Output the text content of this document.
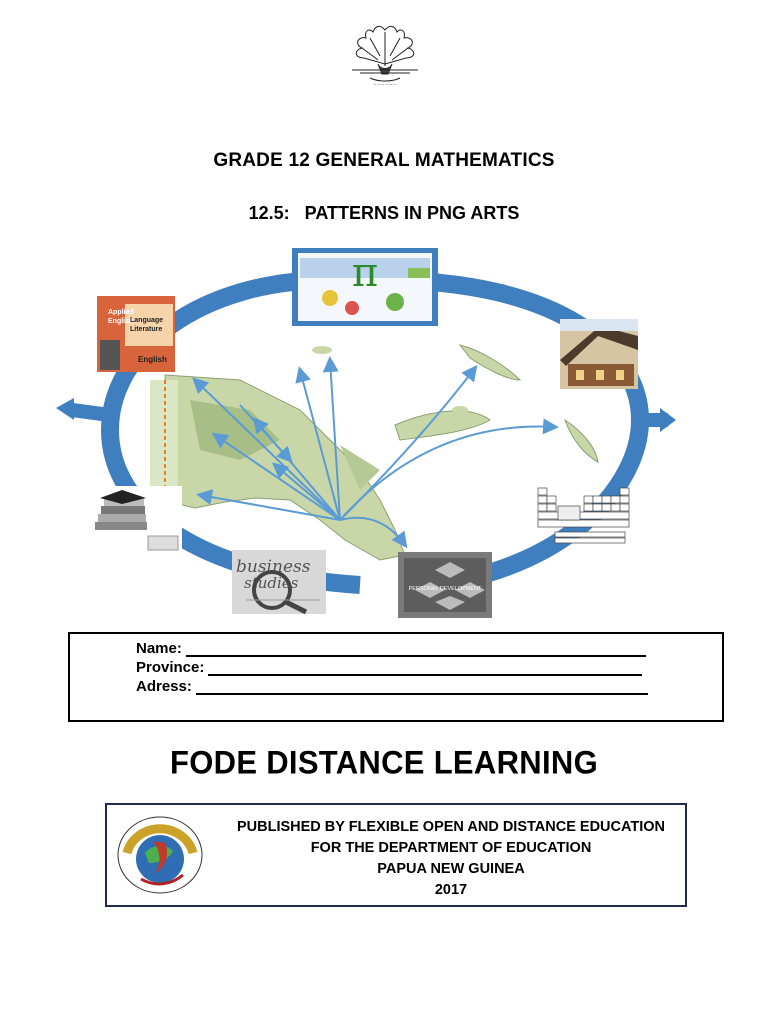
~ ~ ~ ~ ~ ~
GRADE 12 GENERAL MATHEMATICS
12.5:   PATTERNS IN PNG ARTS
π
Applied
English
Language
Literature
English
business
studies	PERSONAL DEVELOPMENT
Name:
Province:
Adress:
FODE DISTANCE LEARNING
PUBLISHED BY FLEXIBLE OPEN AND DISTANCE EDUCATION
FOR THE DEPARTMENT OF EDUCATION
PAPUA NEW GUINEA
2017
